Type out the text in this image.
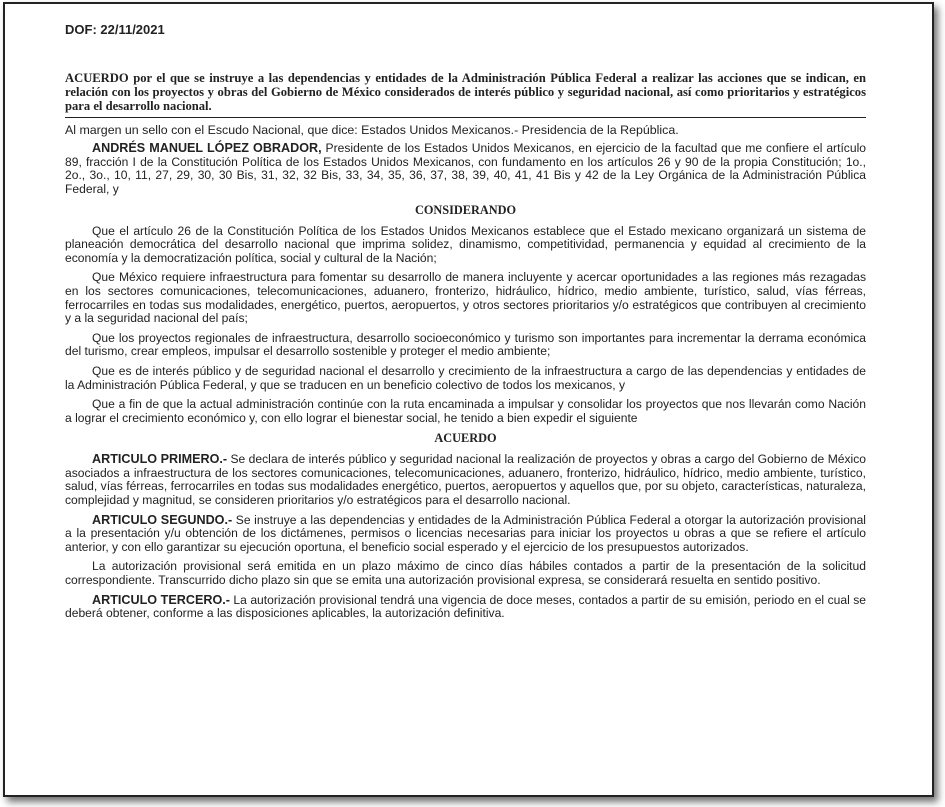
DOF: 22/11/2021

ACUERDO por el que se instruye a las dependencias y entidades de la Administración Pública Federal a realizar las acciones que se indican, en relación con los proyectos y obras del Gobierno de México considerados de interés público y seguridad nacional, así como prioritarios y estratégicos para el desarrollo nacional.

Al margen un sello con el Escudo Nacional, que dice: Estados Unidos Mexicanos.- Presidencia de la República.

ANDRÉS MANUEL LÓPEZ OBRADOR, Presidente de los Estados Unidos Mexicanos, en ejercicio de la facultad que me confiere el artículo 89, fracción I de la Constitución Política de los Estados Unidos Mexicanos, con fundamento en los artículos 26 y 90 de la propia Constitución; 1o., 2o., 3o., 10, 11, 27, 29, 30, 30 Bis, 31, 32, 32 Bis, 33, 34, 35, 36, 37, 38, 39, 40, 41, 41 Bis y 42 de la Ley Orgánica de la Administración Pública Federal, y

CONSIDERANDO

Que el artículo 26 de la Constitución Política de los Estados Unidos Mexicanos establece que el Estado mexicano organizará un sistema de planeación democrática del desarrollo nacional que imprima solidez, dinamismo, competitividad, permanencia y equidad al crecimiento de la economía y la democratización política, social y cultural de la Nación;

Que México requiere infraestructura para fomentar su desarrollo de manera incluyente y acercar oportunidades a las regiones más rezagadas en los sectores comunicaciones, telecomunicaciones, aduanero, fronterizo, hidráulico, hídrico, medio ambiente, turístico, salud, vías férreas, ferrocarriles en todas sus modalidades, energético, puertos, aeropuertos, y otros sectores prioritarios y/o estratégicos que contribuyen al crecimiento y a la seguridad nacional del país;

Que los proyectos regionales de infraestructura, desarrollo socioeconómico y turismo son importantes para incrementar la derrama económica del turismo, crear empleos, impulsar el desarrollo sostenible y proteger el medio ambiente;

Que es de interés público y de seguridad nacional el desarrollo y crecimiento de la infraestructura a cargo de las dependencias y entidades de la Administración Pública Federal, y que se traducen en un beneficio colectivo de todos los mexicanos, y

Que a fin de que la actual administración continúe con la ruta encaminada a impulsar y consolidar los proyectos que nos llevarán como Nación a lograr el crecimiento económico y, con ello lograr el bienestar social, he tenido a bien expedir el siguiente

ACUERDO

ARTICULO PRIMERO.- Se declara de interés público y seguridad nacional la realización de proyectos y obras a cargo del Gobierno de México asociados a infraestructura de los sectores comunicaciones, telecomunicaciones, aduanero, fronterizo, hidráulico, hídrico, medio ambiente, turístico, salud, vías férreas, ferrocarriles en todas sus modalidades energético, puertos, aeropuertos y aquellos que, por su objeto, características, naturaleza, complejidad y magnitud, se consideren prioritarios y/o estratégicos para el desarrollo nacional.

ARTICULO SEGUNDO.- Se instruye a las dependencias y entidades de la Administración Pública Federal a otorgar la autorización provisional a la presentación y/u obtención de los dictámenes, permisos o licencias necesarias para iniciar los proyectos u obras a que se refiere el artículo anterior, y con ello garantizar su ejecución oportuna, el beneficio social esperado y el ejercicio de los presupuestos autorizados.

La autorización provisional será emitida en un plazo máximo de cinco días hábiles contados a partir de la presentación de la solicitud correspondiente. Transcurrido dicho plazo sin que se emita una autorización provisional expresa, se considerará resuelta en sentido positivo.

ARTICULO TERCERO.- La autorización provisional tendrá una vigencia de doce meses, contados a partir de su emisión, periodo en el cual se deberá obtener, conforme a las disposiciones aplicables, la autorización definitiva.
